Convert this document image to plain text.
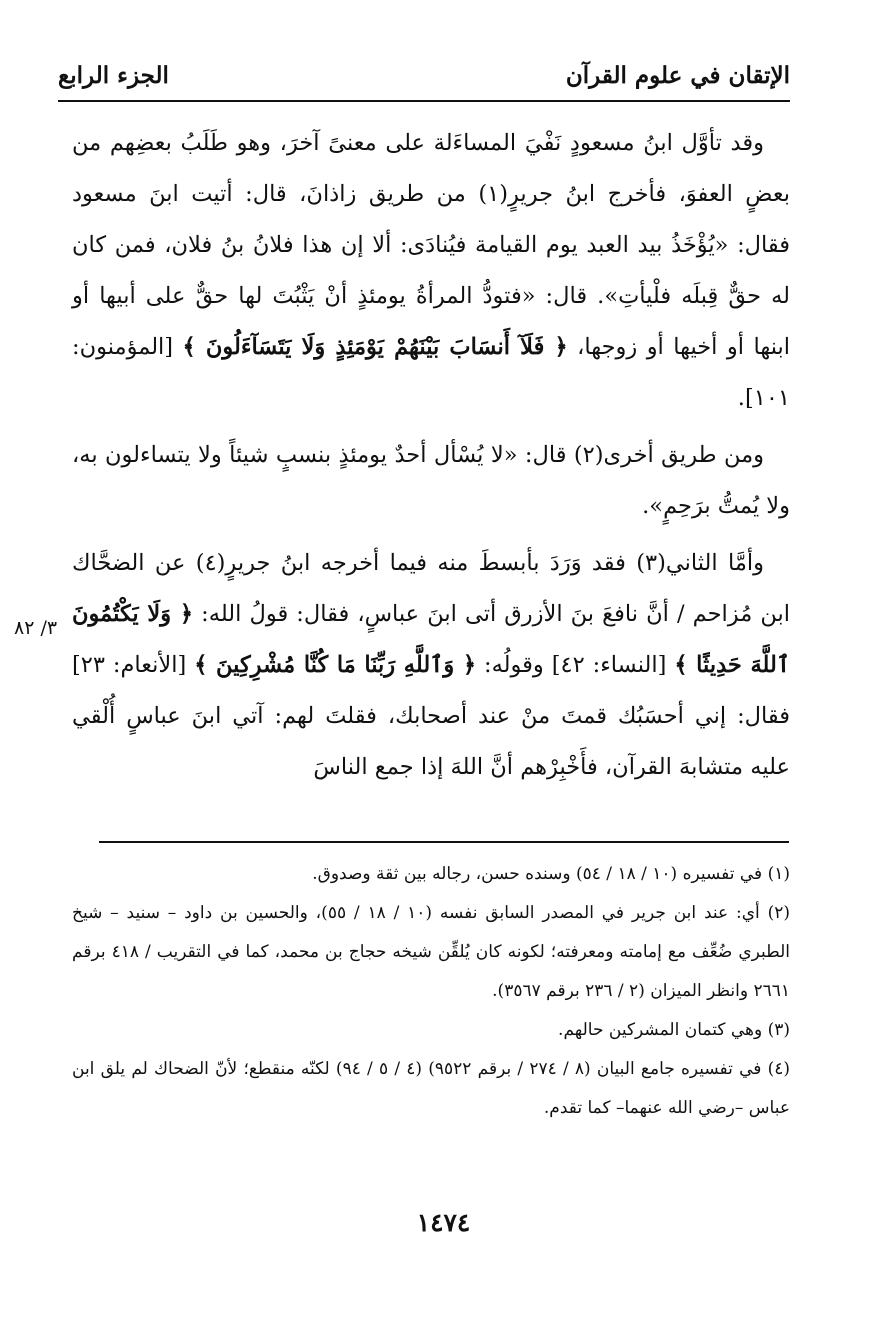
الإتقان في علوم القرآن
الجزء الرابع

وقد تأوَّل ابنُ مسعودٍ نَفْيَ المساءَلة على معنىً آخرَ، وهو طَلَبُ بعضِهم من بعضٍ العفوَ، فأخرج ابنُ جريرٍ(١) من طريق زاذانَ، قال: أتيت ابنَ مسعود فقال: «يُؤْخَذُ بيد العبد يوم القيامة فيُنادَى: ألا إن هذا فلانُ بنُ فلان، فمن كان له حقٌّ قِبلَه فلْيأتِ». قال: «فتودُّ المرأةُ يومئذٍ أنْ يَثْبُتَ لها حقٌّ على أبيها أو ابنها أو أخيها أو زوجها، ﴿ فَلَآ أَنسَابَ بَيْنَهُمْ يَوْمَئِذٍ وَلَا يَتَسَآءَلُونَ ﴾ [المؤمنون: ١٠١].

ومن طريق أخرى(٢) قال: «لا يُسْأل أحدٌ يومئذٍ بنسبٍ شيئاً ولا يتساءلون به، ولا يُمتُّ برَحِمٍ».

وأمَّا الثاني(٣) فقد وَرَدَ بأبسطَ منه فيما أخرجه ابنُ جريرٍ(٤) عن الضحَّاك ابن مُزاحم / أنَّ نافعَ بنَ الأزرق أتى ابنَ عباسٍ، فقال: قولُ الله: ﴿ وَلَا يَكْتُمُونَ ٱللَّهَ حَدِيثًا ﴾ [النساء: ٤٢] وقولُه: ﴿ وَٱللَّهِ رَبِّنَا مَا كُنَّا مُشْرِكِينَ ﴾ [الأنعام: ٢٣] فقال: إني أحسَبُك قمتَ منْ عند أصحابك، فقلتَ لهم: آتي ابنَ عباسٍ أُلْقي عليه متشابهَ القرآن، فأَخْبِرْهم أنَّ اللهَ إذا جمع الناسَ

٣/ ٨٢

(١) في تفسيره (١٠ / ١٨ / ٥٤) وسنده حسن، رجاله بين ثقة وصدوق.

(٢) أي: عند ابن جرير في المصدر السابق نفسه (١٠ / ١٨ / ٥٥)، والحسين بن داود – سنيد – شيخ الطبري ضُعِّف مع إمامته ومعرفته؛ لكونه كان يُلقِّن شيخه حجاج بن محمد، كما في التقريب / ٤١٨ برقم ٢٦٦١ وانظر الميزان (٢ / ٢٣٦ برقم ٣٥٦٧).

(٣) وهي كتمان المشركين حالهم.

(٤) في تفسيره جامع البيان (٨ / ٢٧٤ / برقم ٩٥٢٢) (٤ / ٥ / ٩٤) لكنّه منقطع؛ لأنّ الضحاك لم يلق ابن عباس –رضي الله عنهما– كما تقدم.

١٤٧٤
